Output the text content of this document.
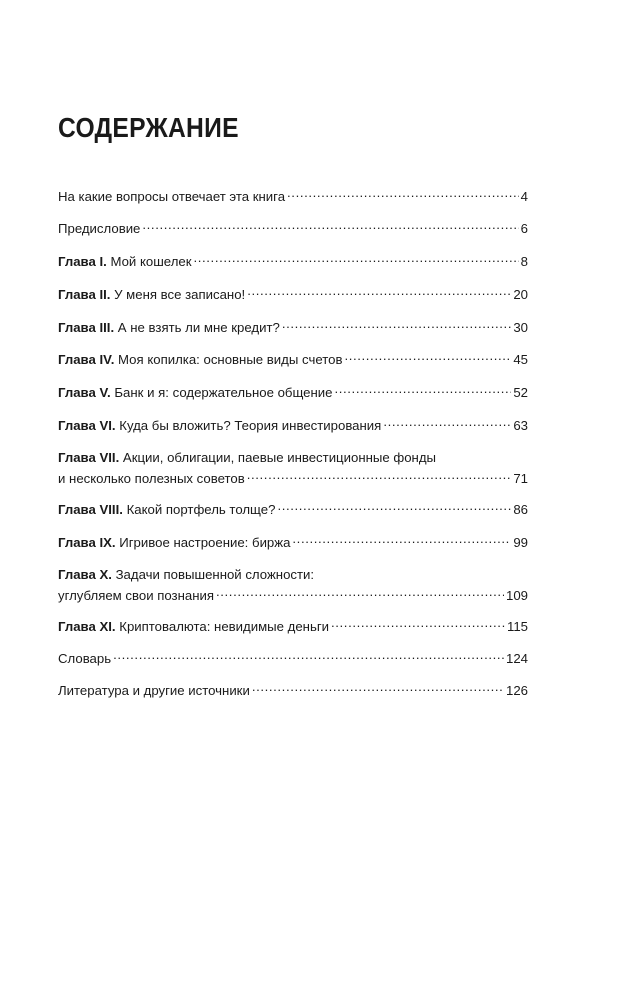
СОДЕРЖАНИЕ
На какие вопросы отвечает эта книга .....	4
Предисловие .....	6
Глава I. Мой кошелек .....	8
Глава II. У меня все записано! .....	20
Глава III. А не взять ли мне кредит? .....	30
Глава IV. Моя копилка: основные виды счетов .....	45
Глава V. Банк и я: содержательное общение .....	52
Глава VI. Куда бы вложить? Теория инвестирования .....	63
Глава VII. Акции, облигации, паевые инвестиционные фонды
и несколько полезных советов .....	71
Глава VIII. Какой портфель толще? .....	86
Глава IX. Игривое настроение: биржа .....	99
Глава X. Задачи повышенной сложности:
углубляем свои познания .....	109
Глава XI. Криптовалюта: невидимые деньги .....	115
Словарь .....	124
Литература и другие источники .....	126
